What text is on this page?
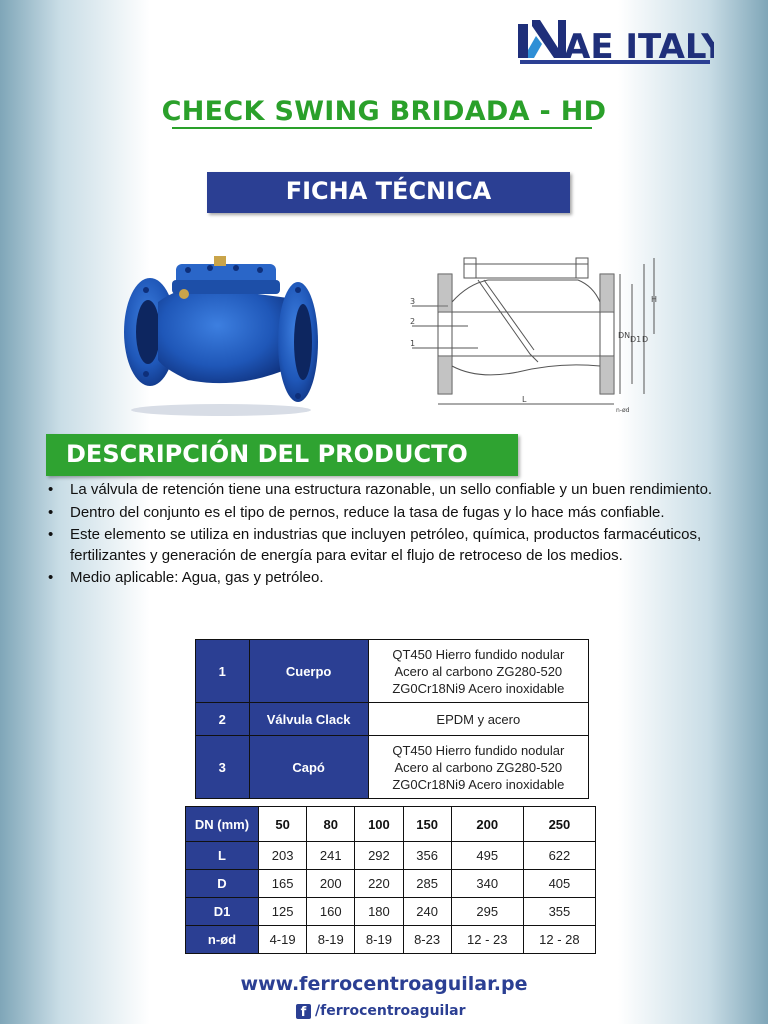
AE ITALY
CHECK SWING BRIDADA - HD
FICHA TÉCNICA
3
2
1
DN D1 D
H
L
n-ød
DESCRIPCIÓN DEL PRODUCTO
• La válvula de retención tiene una estructura razonable, un sello confiable y un buen rendimiento.
• Dentro del conjunto es el tipo de pernos, reduce la tasa de fugas y lo hace más confiable.
• Este elemento se utiliza en industrias que incluyen petróleo, química, productos farmacéuticos, fertilizantes y generación de energía para evitar el flujo de retroceso de los medios.
• Medio aplicable: Agua, gas y petróleo.
1	Cuerpo	QT450 Hierro fundido nodular
Acero al carbono ZG280-520
ZG0Cr18Ni9 Acero inoxidable

2	Válvula Clack	EPDM y acero

3	Capó	QT450 Hierro fundido nodular
Acero al carbono ZG280-520
ZG0Cr18Ni9 Acero inoxidable
DN (mm)	50	80	100	150	200	250
L	203	241	292	356	495	622
D	165	200	220	285	340	405
D1	125	160	180	240	295	355
n-ød	4-19	8-19	8-19	8-23	12 - 23	12 - 28
www.ferrocentroaguilar.pe
f /ferrocentroaguilar
